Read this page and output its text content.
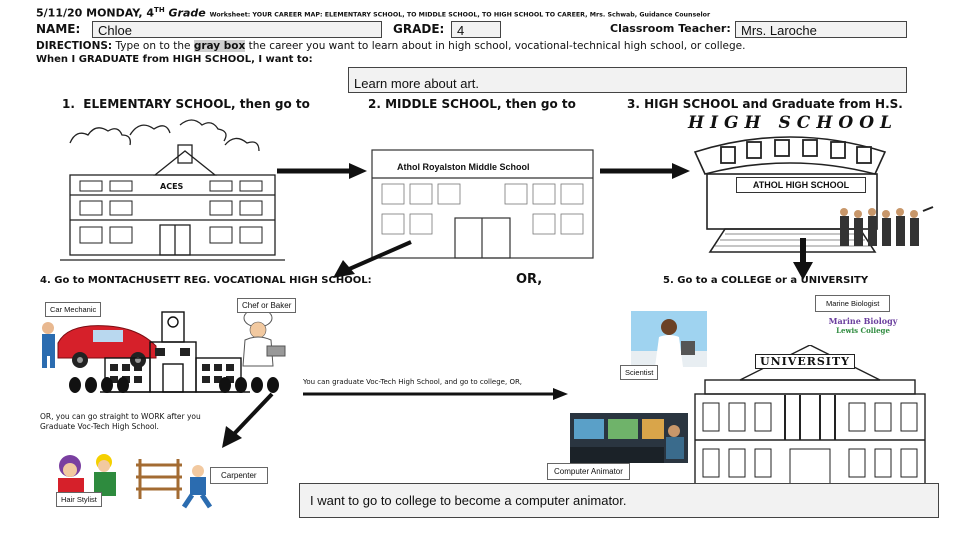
5/11/20 MONDAY, 4TH Grade Worksheet: YOUR CAREER MAP: ELEMENTARY SCHOOL, TO MIDDLE SCHOOL, TO HIGH SCHOOL TO CAREER, Mrs. Schwab, Guidance Counselor
NAME:	Chloe	GRADE: 4	Classroom Teacher: Mrs. Laroche
DIRECTIONS: Type on to the gray box the career you want to learn about in high school, vocational-technical high school, or college.
When I GRADUATE from HIGH SCHOOL, I want to:
Learn more about art.
1. ELEMENTARY SCHOOL, then go to	2. MIDDLE SCHOOL, then go to	3. HIGH SCHOOL and Graduate from H.S.
ACES
Athol Royalston Middle School
HIGH SCHOOL
ATHOL HIGH SCHOOL
4. Go to MONTACHUSETT REG. VOCATIONAL HIGH SCHOOL:	OR,	5. Go to a COLLEGE or a UNIVERSITY
Car Mechanic	Chef or Baker
OR, you can go straight to WORK after you
Graduate Voc-Tech High School.
Hair Stylist
Carpenter
You can graduate Voc-Tech High School, and go to college, OR,
Scientist
Marine Biologist
Marine Biology
Lewis College
UNIVERSITY
Computer Animator
I want to go to college to become a computer animator.
